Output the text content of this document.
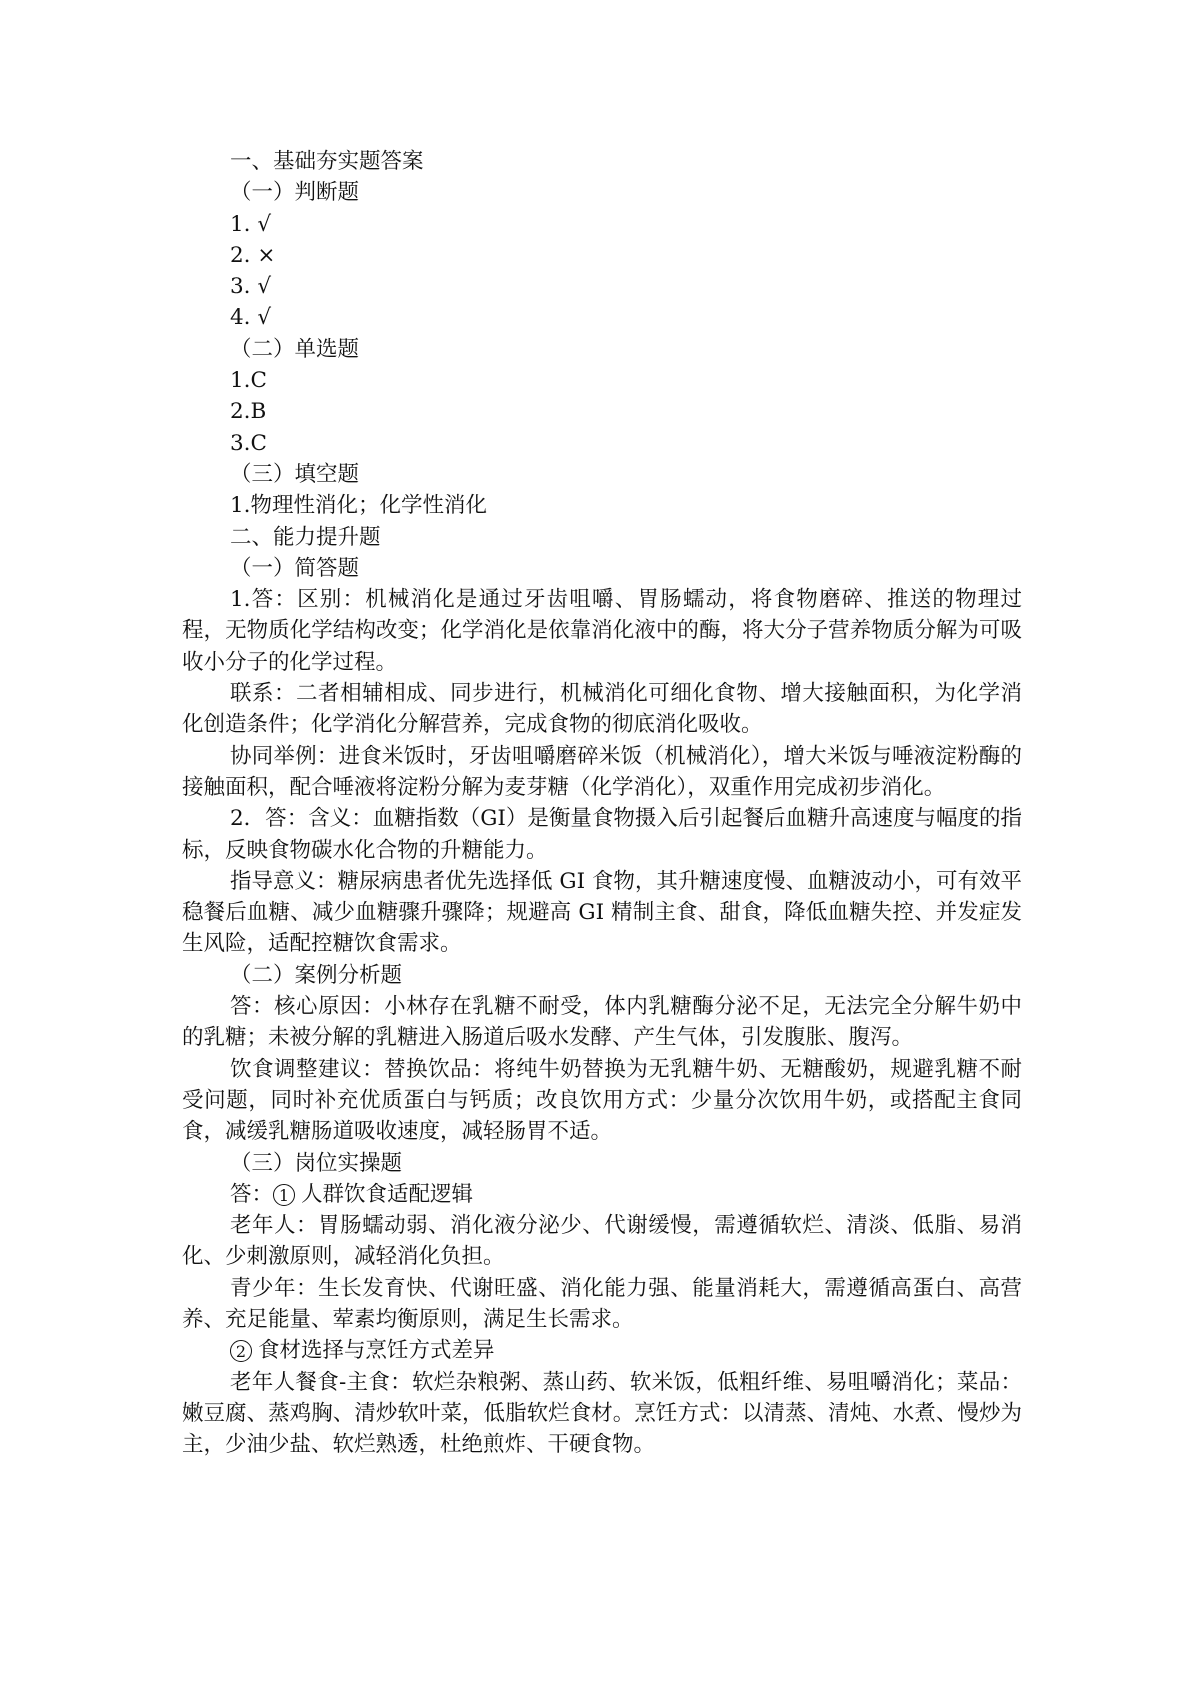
一、基础夯实题答案
（一）判断题
1. √
2. ×
3. √
4. √
（二）单选题
1.C
2.B
3.C
（三）填空题
1.物理性消化；化学性消化
二、能力提升题
（一）简答题
1.答：区别：机械消化是通过牙齿咀嚼、胃肠蠕动，将食物磨碎、推送的物理过程，无物质化学结构改变；化学消化是依靠消化液中的酶，将大分子营养物质分解为可吸收小分子的化学过程。
联系：二者相辅相成、同步进行，机械消化可细化食物、增大接触面积，为化学消化创造条件；化学消化分解营养，完成食物的彻底消化吸收。
协同举例：进食米饭时，牙齿咀嚼磨碎米饭（机械消化），增大米饭与唾液淀粉酶的接触面积，配合唾液将淀粉分解为麦芽糖（化学消化），双重作用完成初步消化。
2．答：含义：血糖指数（GI）是衡量食物摄入后引起餐后血糖升高速度与幅度的指标，反映食物碳水化合物的升糖能力。
指导意义：糖尿病患者优先选择低 GI 食物，其升糖速度慢、血糖波动小，可有效平稳餐后血糖、减少血糖骤升骤降；规避高 GI 精制主食、甜食，降低血糖失控、并发症发生风险，适配控糖饮食需求。
（二）案例分析题
答：核心原因：小林存在乳糖不耐受，体内乳糖酶分泌不足，无法完全分解牛奶中的乳糖；未被分解的乳糖进入肠道后吸水发酵、产生气体，引发腹胀、腹泻。
饮食调整建议：替换饮品：将纯牛奶替换为无乳糖牛奶、无糖酸奶，规避乳糖不耐受问题，同时补充优质蛋白与钙质；改良饮用方式：少量分次饮用牛奶，或搭配主食同食，减缓乳糖肠道吸收速度，减轻肠胃不适。
（三）岗位实操题
答： 1 人群饮食适配逻辑
老年人：胃肠蠕动弱、消化液分泌少、代谢缓慢，需遵循软烂、清淡、低脂、易消化、少刺激原则，减轻消化负担。
青少年：生长发育快、代谢旺盛、消化能力强、能量消耗大，需遵循高蛋白、高营养、充足能量、荤素均衡原则，满足生长需求。
2 食材选择与烹饪方式差异
老年人餐食-主食：软烂杂粮粥、蒸山药、软米饭，低粗纤维、易咀嚼消化；菜品：嫩豆腐、蒸鸡胸、清炒软叶菜，低脂软烂食材。烹饪方式：以清蒸、清炖、水煮、慢炒为主，少油少盐、软烂熟透，杜绝煎炸、干硬食物。
